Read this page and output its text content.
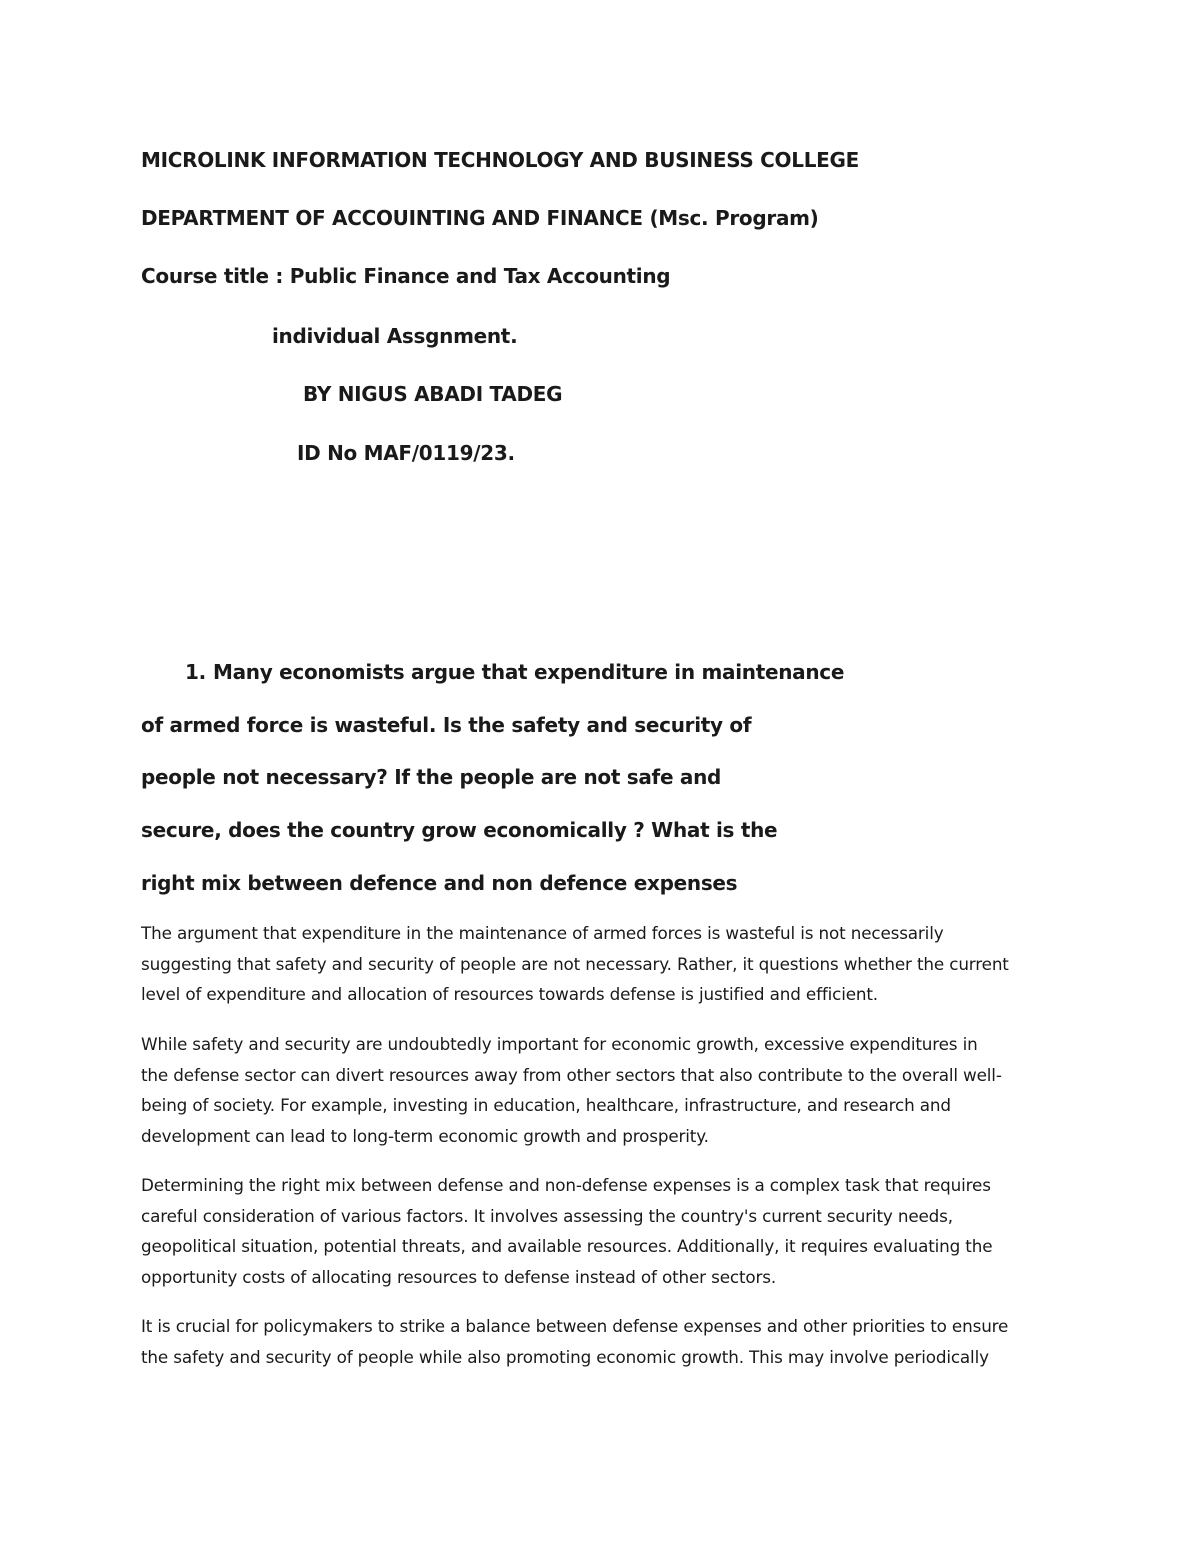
MICROLINK INFORMATION TECHNOLOGY AND BUSINESS COLLEGE
DEPARTMENT OF ACCOUINTING AND FINANCE (Msc. Program)
Course title : Public Finance and Tax Accounting
individual Assgnment.
BY NIGUS ABADI TADEG
ID No MAF/0119/23.
1. Many economists argue that expenditure in maintenance
of armed force is wasteful. Is the safety and security of
people not necessary? If the people are not safe and
secure, does the country grow economically ? What is the
right mix between defence and non defence expenses
The argument that expenditure in the maintenance of armed forces is wasteful is not necessarily
suggesting that safety and security of people are not necessary. Rather, it questions whether the current
level of expenditure and allocation of resources towards defense is justified and efficient.
While safety and security are undoubtedly important for economic growth, excessive expenditures in
the defense sector can divert resources away from other sectors that also contribute to the overall well-
being of society. For example, investing in education, healthcare, infrastructure, and research and
development can lead to long-term economic growth and prosperity.
Determining the right mix between defense and non-defense expenses is a complex task that requires
careful consideration of various factors. It involves assessing the country's current security needs,
geopolitical situation, potential threats, and available resources. Additionally, it requires evaluating the
opportunity costs of allocating resources to defense instead of other sectors.
It is crucial for policymakers to strike a balance between defense expenses and other priorities to ensure
the safety and security of people while also promoting economic growth. This may involve periodically
